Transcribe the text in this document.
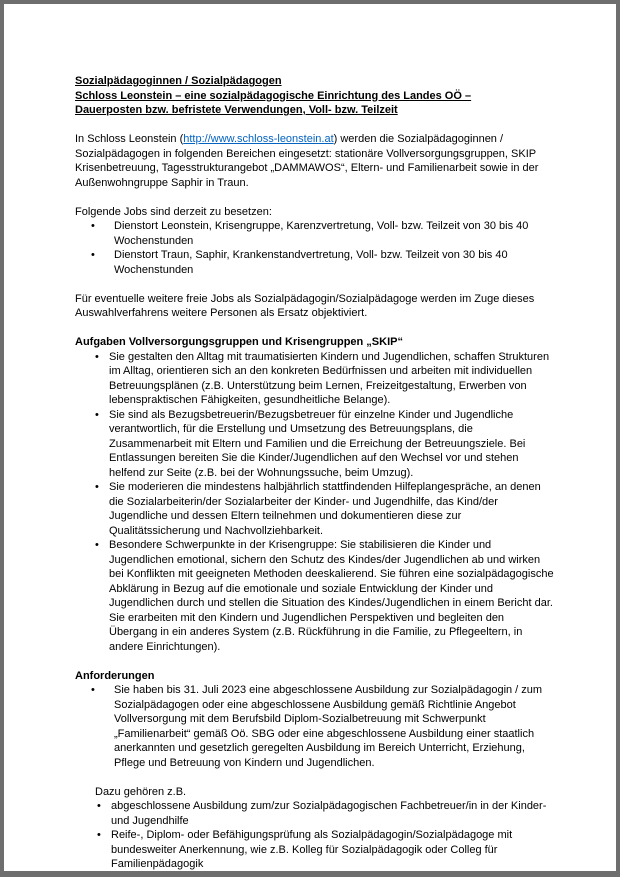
Sozialpädagoginnen / Sozialpädagogen

Schloss Leonstein – eine sozialpädagogische Einrichtung des Landes OÖ –

Dauerposten bzw. befristete Verwendungen, Voll- bzw. Teilzeit

In Schloss Leonstein (http://www.schloss-leonstein.at) werden die Sozialpädagoginnen / Sozialpädagogen in folgenden Bereichen eingesetzt: stationäre Vollversorgungsgruppen, SKIP Krisenbetreuung, Tagesstrukturangebot „DAMMAWOS“, Eltern- und Familienarbeit sowie in der Außenwohngruppe Saphir in Traun.

Folgende Jobs sind derzeit zu besetzen:

• Dienstort Leonstein, Krisengruppe, Karenzvertretung, Voll- bzw. Teilzeit von 30 bis 40 Wochenstunden
• Dienstort Traun, Saphir, Krankenstandvertretung, Voll- bzw. Teilzeit von 30 bis 40 Wochenstunden

Für eventuelle weitere freie Jobs als Sozialpädagogin/Sozialpädagoge werden im Zuge dieses Auswahlverfahrens weitere Personen als Ersatz objektiviert.

Aufgaben Vollversorgungsgruppen und Krisengruppen „SKIP“

• Sie gestalten den Alltag mit traumatisierten Kindern und Jugendlichen, schaffen Strukturen im Alltag, orientieren sich an den konkreten Bedürfnissen und arbeiten mit individuellen Betreuungsplänen (z.B. Unterstützung beim Lernen, Freizeitgestaltung, Erwerben von lebenspraktischen Fähigkeiten, gesundheitliche Belange).
• Sie sind als Bezugsbetreuerin/Bezugsbetreuer für einzelne Kinder und Jugendliche verantwortlich, für die Erstellung und Umsetzung des Betreuungsplans, die Zusammenarbeit mit Eltern und Familien und die Erreichung der Betreuungsziele. Bei Entlassungen bereiten Sie die Kinder/Jugendlichen auf den Wechsel vor und stehen helfend zur Seite (z.B. bei der Wohnungssuche, beim Umzug).
• Sie moderieren die mindestens halbjährlich stattfindenden Hilfeplangespräche, an denen die Sozialarbeiterin/der Sozialarbeiter der Kinder- und Jugendhilfe, das Kind/der Jugendliche und dessen Eltern teilnehmen und dokumentieren diese zur Qualitätssicherung und Nachvollziehbarkeit.
• Besondere Schwerpunkte in der Krisengruppe: Sie stabilisieren die Kinder und Jugendlichen emotional, sichern den Schutz des Kindes/der Jugendlichen ab und wirken bei Konflikten mit geeigneten Methoden deeskalierend. Sie führen eine sozialpädagogische Abklärung in Bezug auf die emotionale und soziale Entwicklung der Kinder und Jugendlichen durch und stellen die Situation des Kindes/Jugendlichen in einem Bericht dar. Sie erarbeiten mit den Kindern und Jugendlichen Perspektiven und begleiten den Übergang in ein anderes System (z.B. Rückführung in die Familie, zu Pflegeeltern, in andere Einrichtungen).

Anforderungen

• Sie haben bis 31. Juli 2023 eine abgeschlossene Ausbildung zur Sozialpädagogin / zum Sozialpädagogen oder eine abgeschlossene Ausbildung gemäß Richtlinie Angebot Vollversorgung mit dem Berufsbild Diplom-Sozialbetreuung mit Schwerpunkt „Familienarbeit“ gemäß Oö. SBG oder eine abgeschlossene Ausbildung einer staatlich anerkannten und gesetzlich geregelten Ausbildung im Bereich Unterricht, Erziehung, Pflege und Betreuung von Kindern und Jugendlichen.

Dazu gehören z.B.

• abgeschlossene Ausbildung zum/zur Sozialpädagogischen Fachbetreuer/in in der Kinder- und Jugendhilfe
• Reife-, Diplom- oder Befähigungsprüfung als Sozialpädagogin/Sozialpädagoge mit bundesweiter Anerkennung, wie z.B. Kolleg für Sozialpädagogik oder Colleg für Familienpädagogik
